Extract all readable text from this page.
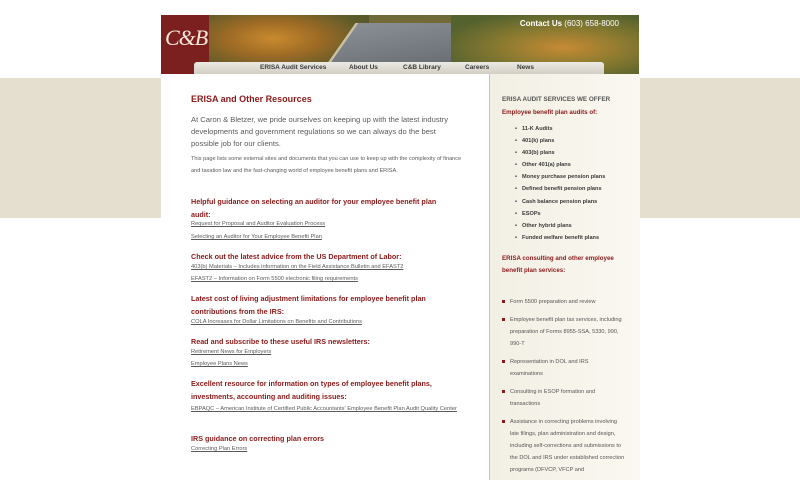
C&B
Contact Us (603) 658-8000
ERISA Audit Services	About Us	C&B Library	Careers	News
ERISA and Other Resources
At Caron & Bletzer, we pride ourselves on keeping up with the latest industry developments and government regulations so we can always do the best possible job for our clients.
This page lists some external sites and documents that you can use to keep up with the complexity of finance and taxation law and the fast-changing world of employee benefit plans and ERISA.
Helpful guidance on selecting an auditor for your employee benefit plan audit:
Request for Proposal and Auditor Evaluation Process
Selecting an Auditor for Your Employee Benefit Plan
Check out the latest advice from the US Department of Labor:
403(b) Materials – Includes information on the Field Assistance Bulletin and EFAST2
EFAST2 – Information on Form 5500 electronic filing requirements
Latest cost of living adjustment limitations for employee benefit plan contributions from the IRS:
COLA Increases for Dollar Limitations on Benefits and Contributions
Read and subscribe to these useful IRS newsletters:
Retirement News for Employers
Employee Plans News
Excellent resource for information on types of employee benefit plans, investments, accounting and auditing issues:
EBPAQC – American Institute of Certified Public Accountants' Employee Benefit Plan Audit Quality Center
IRS guidance on correcting plan errors
Correcting Plan Errors
ERISA AUDIT SERVICES WE OFFER
Employee benefit plan audits of:
• 11-K Audits
• 401(k) plans
• 403(b) plans
• Other 401(a) plans
• Money purchase pension plans
• Defined benefit pension plans
• Cash balance pension plans
• ESOPs
• Other hybrid plans
• Funded welfare benefit plans
ERISA consulting and other employee benefit plan services:
Form 5500 preparation and review
Employee benefit plan tax services, including preparation of Forms 8955-SSA, 5330, 990, 990-T
Representation in DOL and IRS examinations
Consulting in ESOP formation and transactions
Assistance in correcting problems involving late filings, plan administration and design, including self-corrections and submissions to the DOL and IRS under established correction programs (DFVCP, VFCP and
